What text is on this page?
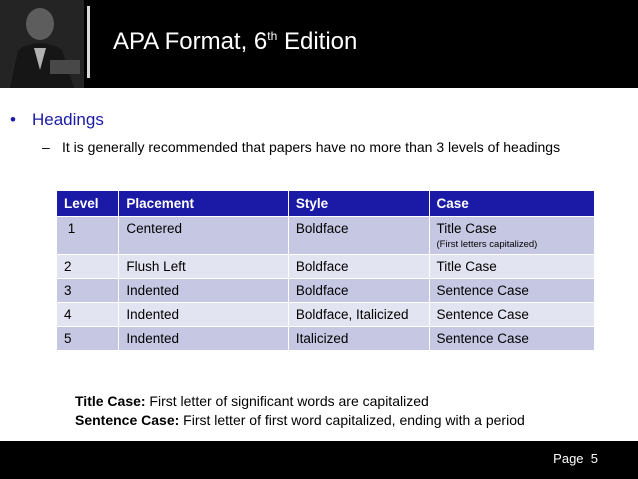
APA Format, 6th Edition
• Headings
– It is generally recommended that papers have no more than 3 levels of headings
Level	Placement	Style	Case
1	Centered	Boldface	Title Case
(First letters capitalized)

2	Flush Left	Boldface	Title Case
3	Indented	Boldface	Sentence Case
4	Indented	Boldface, Italicized	Sentence Case
5	Indented	Italicized	Sentence Case
Title Case: First letter of significant words are capitalized
Sentence Case: First letter of first word capitalized, ending with a period
Page  5
